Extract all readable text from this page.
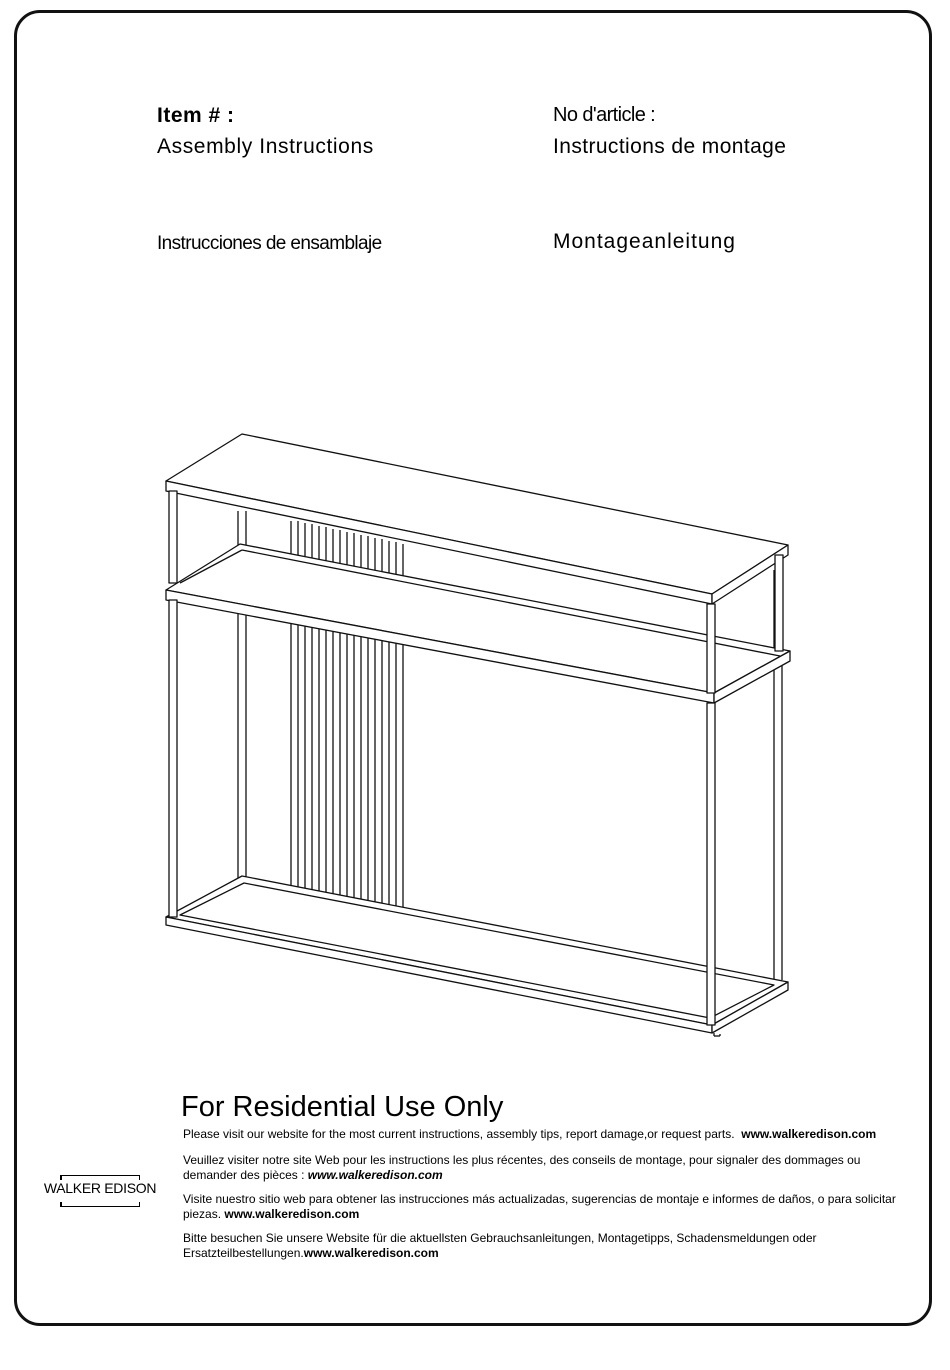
Item # :
Assembly Instructions
No d'article :
Instructions de montage
Instrucciones de ensamblaje	Montageanleitung
For Residential Use Only
Please visit our website for the most current instructions, assembly tips, report damage,or request parts. www.walkeredison.com
Veuillez visiter notre site Web pour les instructions les plus récentes, des conseils de montage, pour signaler des dommages ou demander des pièces : www.walkeredison.com
Visite nuestro sitio web para obtener las instrucciones más actualizadas, sugerencias de montaje e informes de daños, o para solicitar piezas. www.walkeredison.com
Bitte besuchen Sie unsere Website für die aktuellsten Gebrauchsanleitungen, Montagetipps, Schadensmeldungen oder Ersatzteilbestellungen.www.walkeredison.com
WALKER EDISON
